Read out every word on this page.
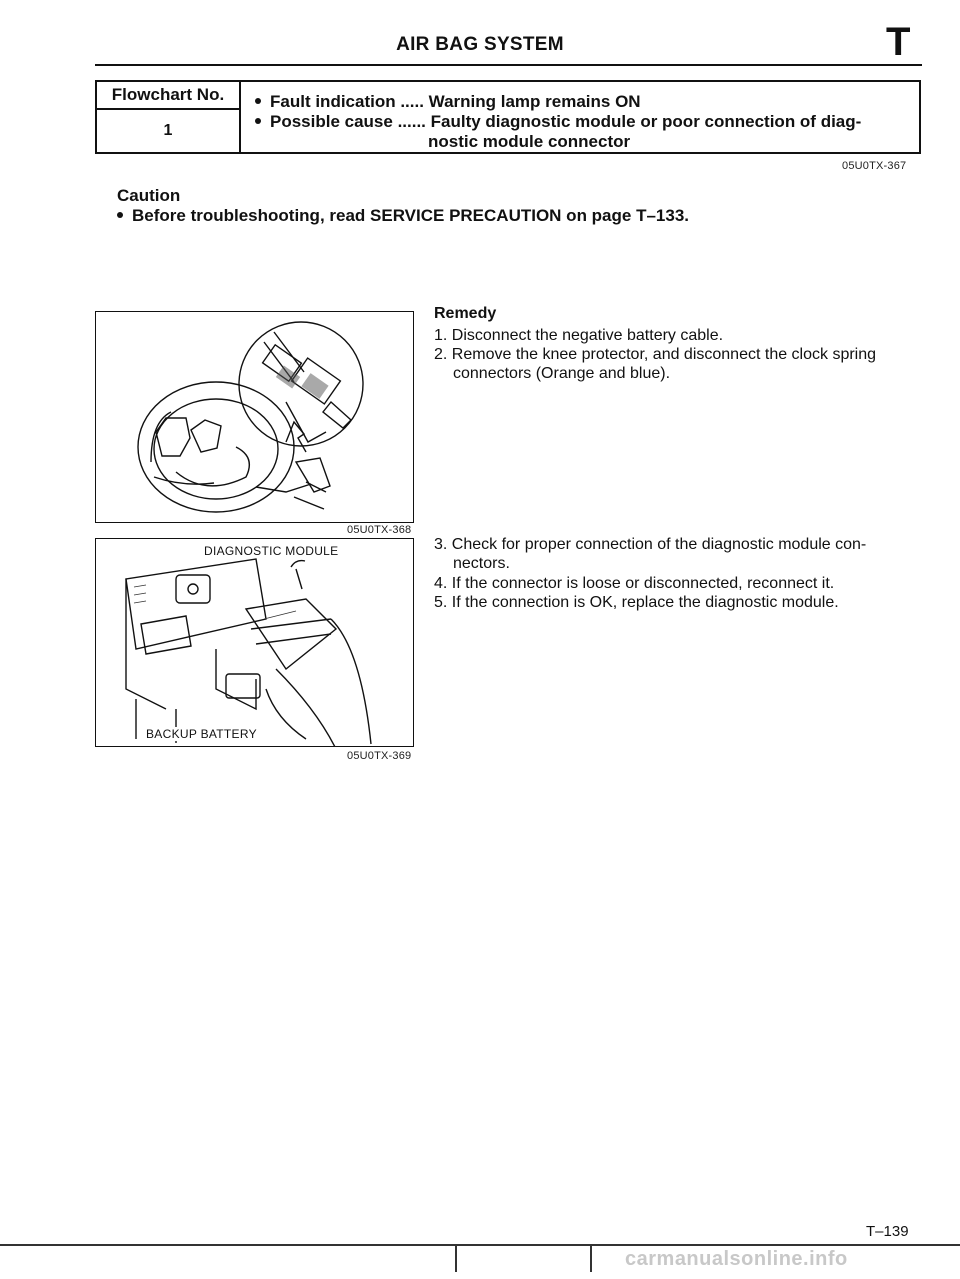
AIR BAG SYSTEM	T
Flowchart No.
1
Fault indication ..... Warning lamp remains ON
Possible cause ...... Faulty diagnostic module or poor connection of diag-
nostic module connector
05U0TX-367
Caution
Before troubleshooting, read SERVICE PRECAUTION on page T–133.
05U0TX-368
DIAGNOSTIC MODULE
BACKUP BATTERY
05U0TX-369
Remedy
1. Disconnect the negative battery cable.
2. Remove the knee protector, and disconnect the clock spring
connectors (Orange and blue).
3. Check for proper connection of the diagnostic module con-
nectors.
4. If the connector is loose or disconnected, reconnect it.
5. If the connection is OK, replace the diagnostic module.
T–139
carmanualsonline.info
